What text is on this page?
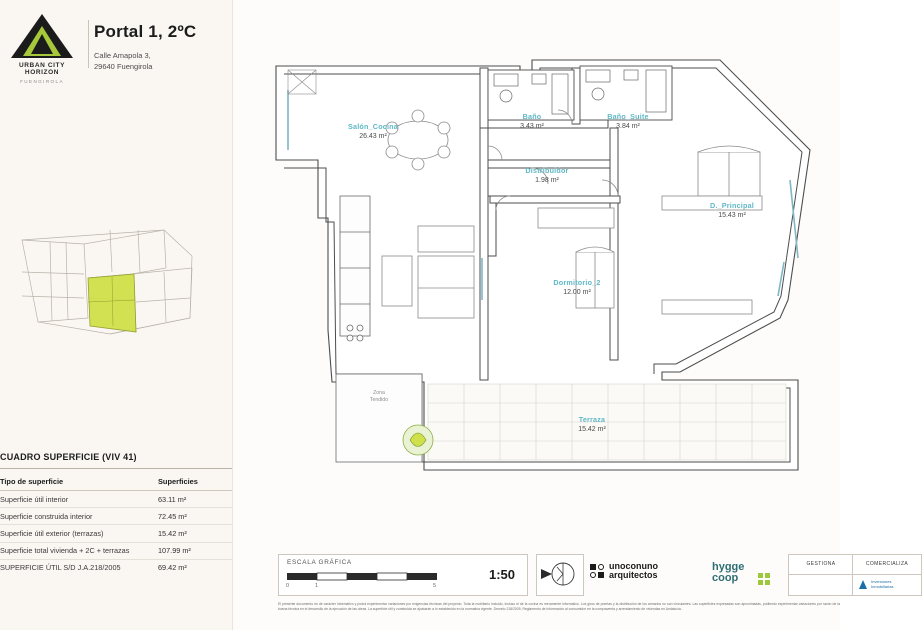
URBAN CITY
HORIZON
FUENGIROLA
Portal 1, 2ºC
Calle Amapola 3,
29640 Fuengirola
CUADRO SUPERFICIE (VIV 41)
Tipo de superficie	Superficies
Superficie útil interior	63.11 m²
Superficie construida interior	72.45 m²
Superficie útil exterior (terrazas)	15.42 m²
Superficie total vivienda + 2C + terrazas	107.99 m²
SUPERFICIE ÚTIL S/D J.A.218/2005	69.42 m²
Salón_Cocina
26.43 m²
Baño
3.43 m²
Baño_Suite
3.84 m²
Distribuidor
1.98 m²
D._Principal
15.43 m²
Dormitorio_2
12.00 m²
Terraza
15.42 m²
Zona
Tendido
ESCALA GRÁFICA
0	1	5
1:50
unoconuno
arquitectos
hygge
coop
GESTIONA	COMERCIALIZA
Inversiones
Inmobiliarias
El presente documento es de carácter informativo y podrá experimentar variaciones por exigencias técnicas del proyecto. Toda la mobiliario incluido, incluso el de la cocina es meramente informativo. Los giros de puertas y la distribución de los armarios no son vinculantes. Las superficies expresadas son aproximadas, pudiendo experimentar variaciones por razón de la buena técnica en el desarrollo de la ejecución de las obras. La superficie útil y construida se ajustarán a lo establecido en la normativa vigente. Decreto 218/2005, Reglamento de Información al consumidor en la compraventa y arrendamiento de viviendas en Andalucía.
